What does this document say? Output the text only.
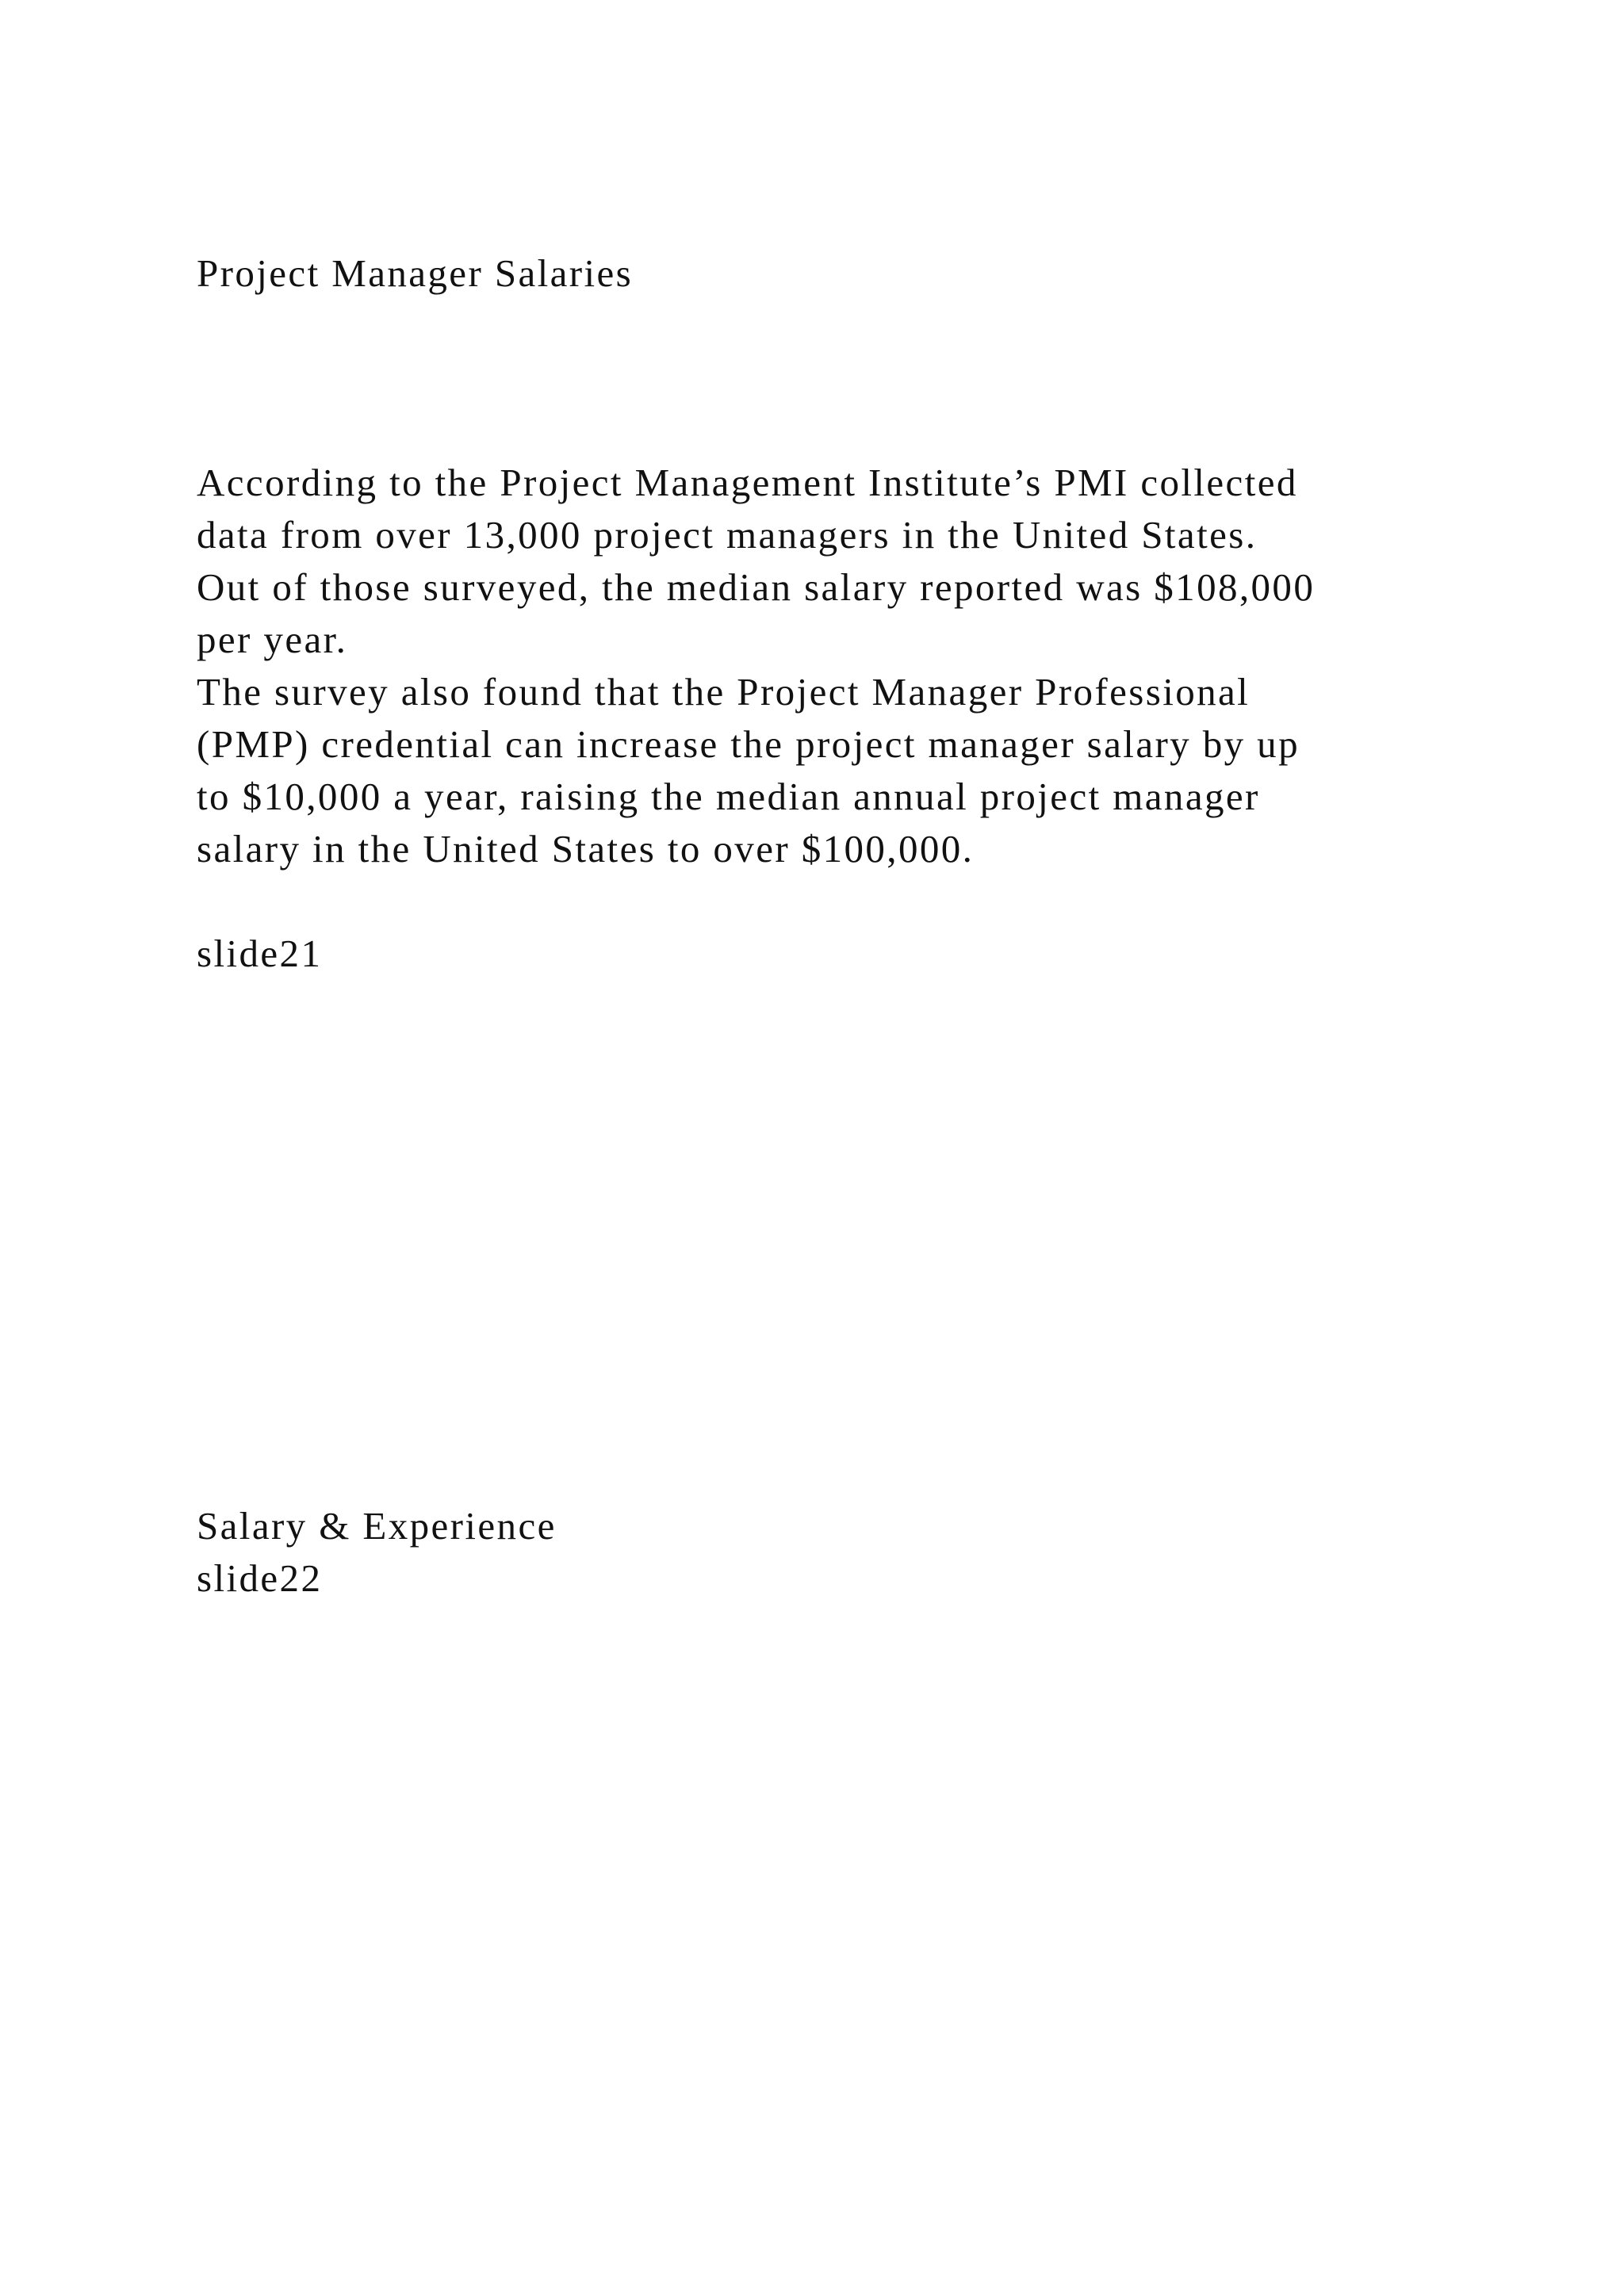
Project Manager Salaries

According to the Project Management Institute’s PMI collected

data from over 13,000 project managers in the United States.

Out of those surveyed, the median salary reported was $108,000

per year.

The survey also found that the Project Manager Professional

(PMP) credential can increase the project manager salary by up

to $10,000 a year, raising the median annual project manager

salary in the United States to over $100,000.

slide21

Salary & Experience

slide22
